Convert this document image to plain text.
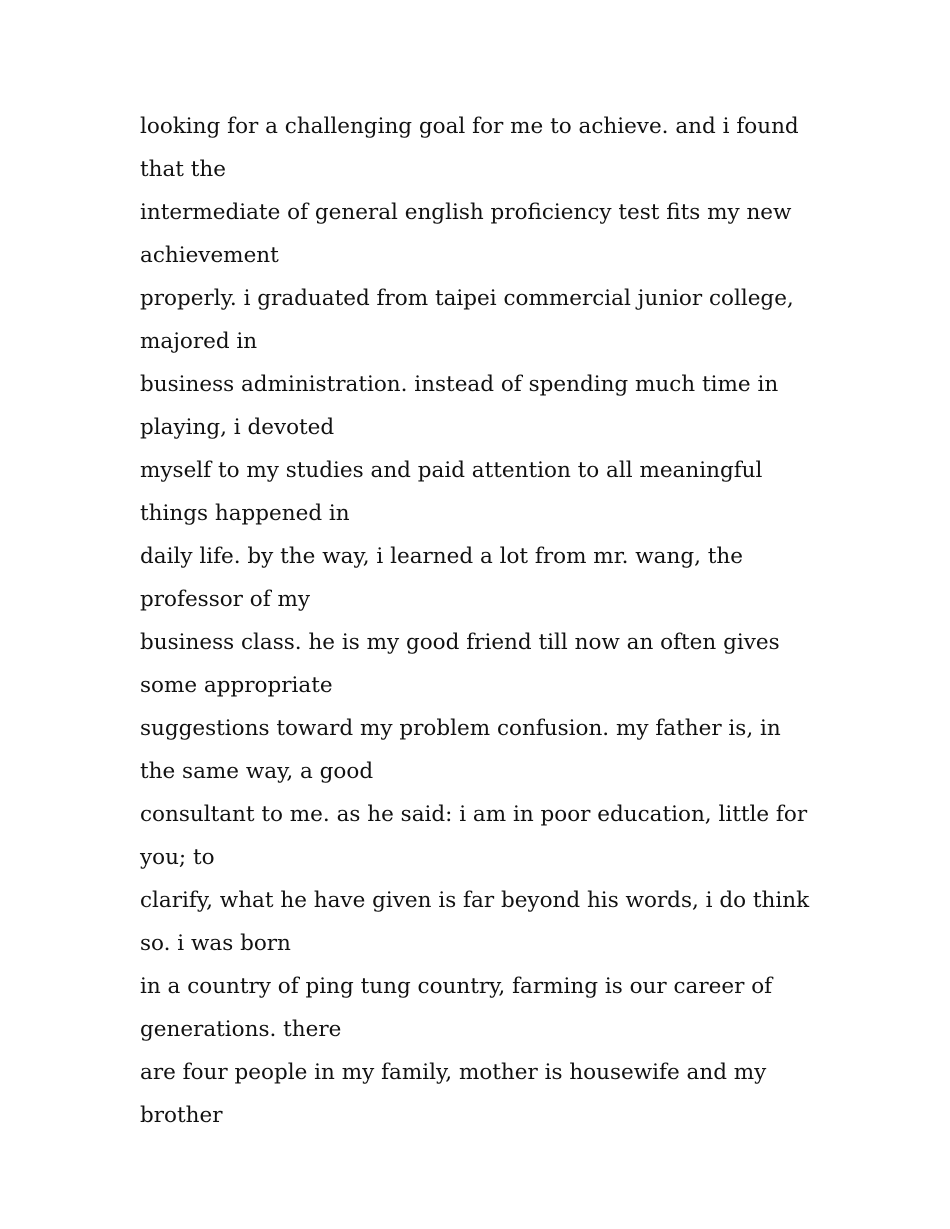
looking for a challenging goal for me to achieve. and i found that the

intermediate of general english proficiency test fits my new achievement

properly. i graduated from taipei commercial junior college, majored in

business administration. instead of spending much time in playing, i devoted

myself to my studies and paid attention to all meaningful things happened in

daily life. by the way, i learned a lot from mr. wang, the professor of my

business class. he is my good friend till now an often gives some appropriate

suggestions toward my problem confusion. my father is, in the same way, a good

consultant to me. as he said: i am in poor education, little for you; to

clarify, what he have given is far beyond his words, i do think so. i was born

in a country of ping tung country, farming is our career of generations. there

are four people in my family, mother is housewife and my brother
